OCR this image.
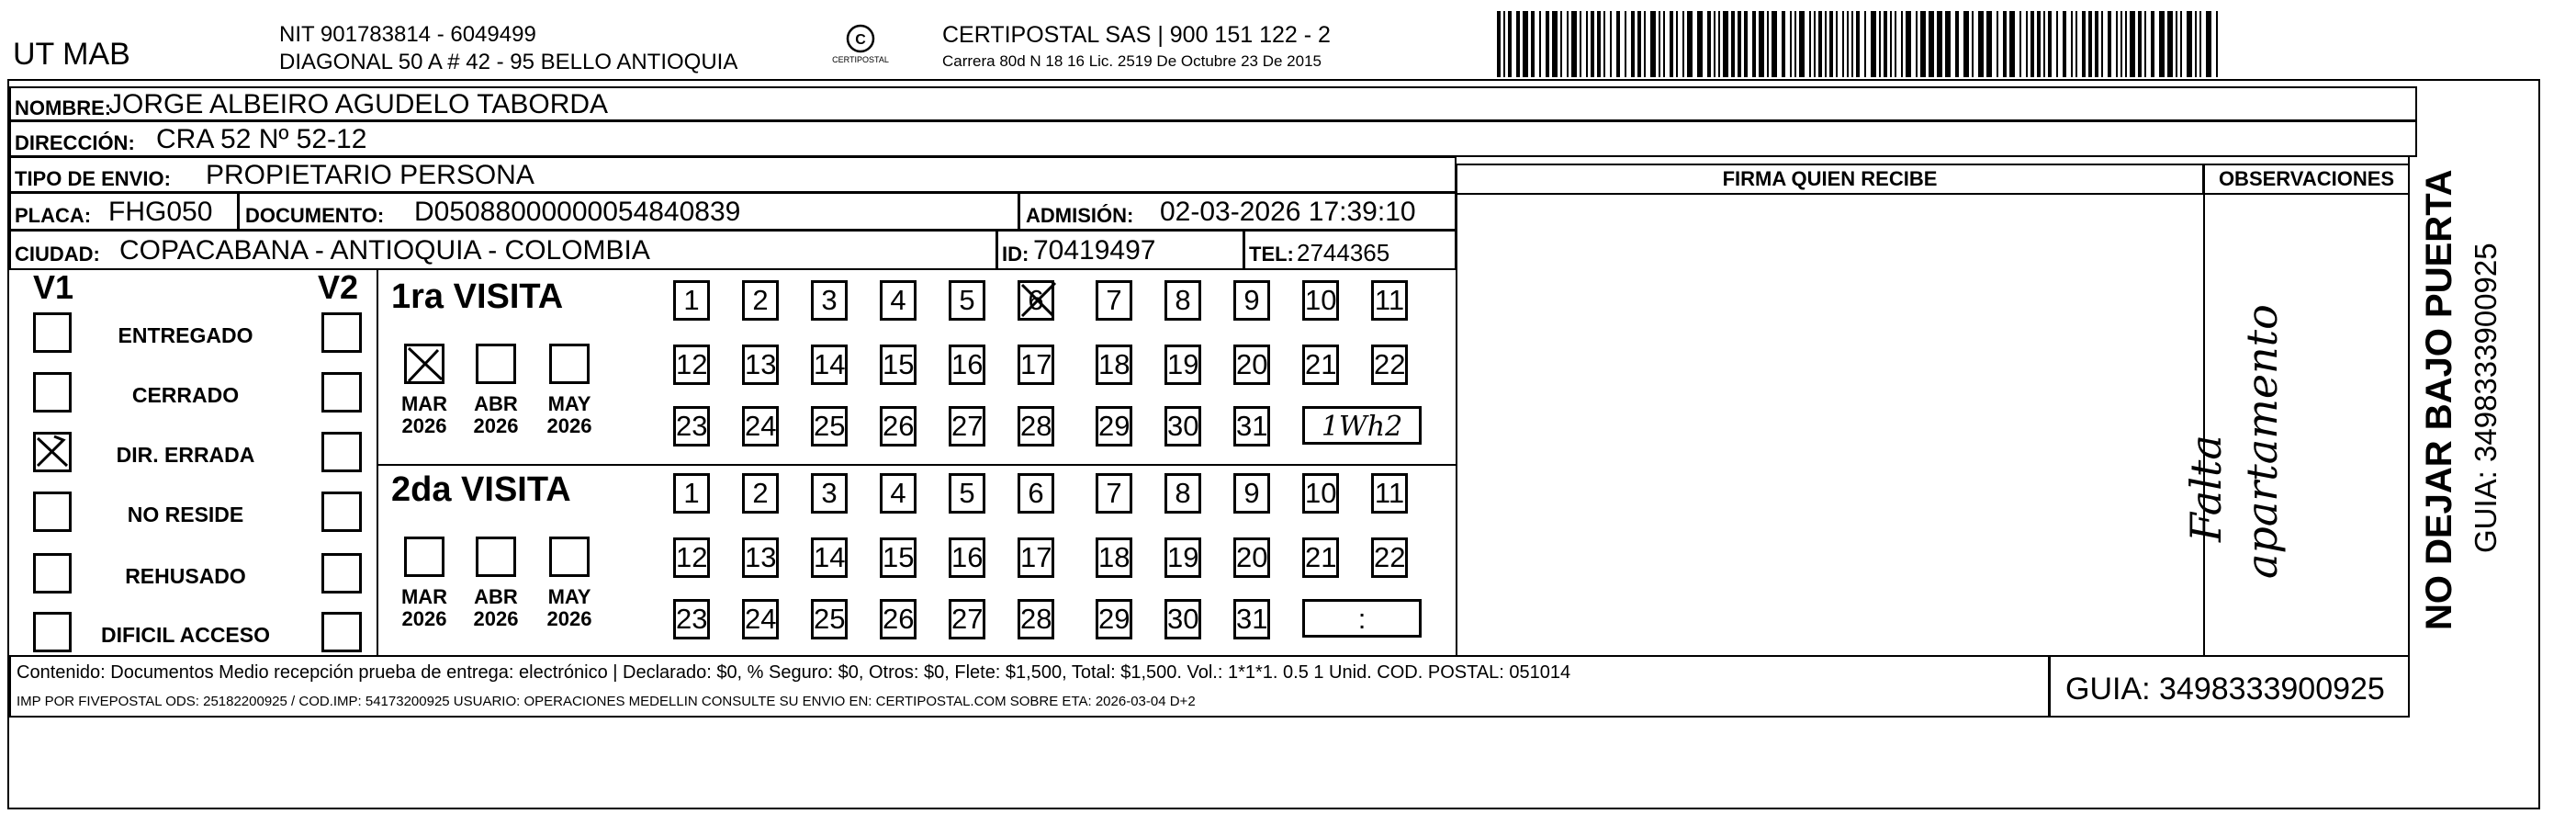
UT MAB
NIT 901783814 - 6049499
DIAGONAL 50 A # 42 - 95 BELLO ANTIOQUIA
C
CERTIPOSTAL
CERTIPOSTAL SAS | 900 151 122 - 2
Carrera 80d N 18 16 Lic. 2519 De Octubre 23 De 2015
NOMBRE:
JORGE ALBEIRO AGUDELO TABORDA
DIRECCIÓN: CRA 52 Nº 52-12
TIPO DE ENVIO: PROPIETARIO PERSONA	FIRMA QUIEN RECIBE	OBSERVACIONES
PLACA: FHG050 DOCUMENTO: D05088000000054840839	ADMISIÓN: 02-03-2026 17:39:10
CIUDAD: COPACABANA - ANTIOQUIA - COLOMBIA	ID: 70419497	TEL: 2744365
V1	V2
ENTREGADO
CERRADO
DIR. ERRADA
NO RESIDE
REHUSADO
DIFICIL ACCESO
1ra VISITA
2da VISITA
1	2	3	4	5	6	7	8	9	10 11
12 13 14 15 16 17 18 19 20 21 22
23 24 25 26 27 28 29 30 31
MAR
2026
ABR
2026
MAY
2026
1	2	3	4	5	6	7	8	9	10 11
12 13 14 15 16 17 18 19 20 21 22
23 24 25 26 27 28 29 30 31
MAR
2026
ABR
2026
MAY
2026
1Wh2
:
Falta apartamento	NO DEJAR BAJO PUERTA GUIA: 3498333900925
Contenido: Documentos Medio recepción prueba de entrega: electrónico | Declarado: $0, % Seguro: $0, Otros: $0, Flete: $1,500, Total: $1,500. Vol.: 1*1*1. 0.5 1 Unid. COD. POSTAL: 051014
IMP POR FIVEPOSTAL ODS: 25182200925 / COD.IMP: 54173200925 USUARIO: OPERACIONES MEDELLIN CONSULTE SU ENVIO EN: CERTIPOSTAL.COM SOBRE ETA: 2026-03-04 D+2	GUIA: 3498333900925
